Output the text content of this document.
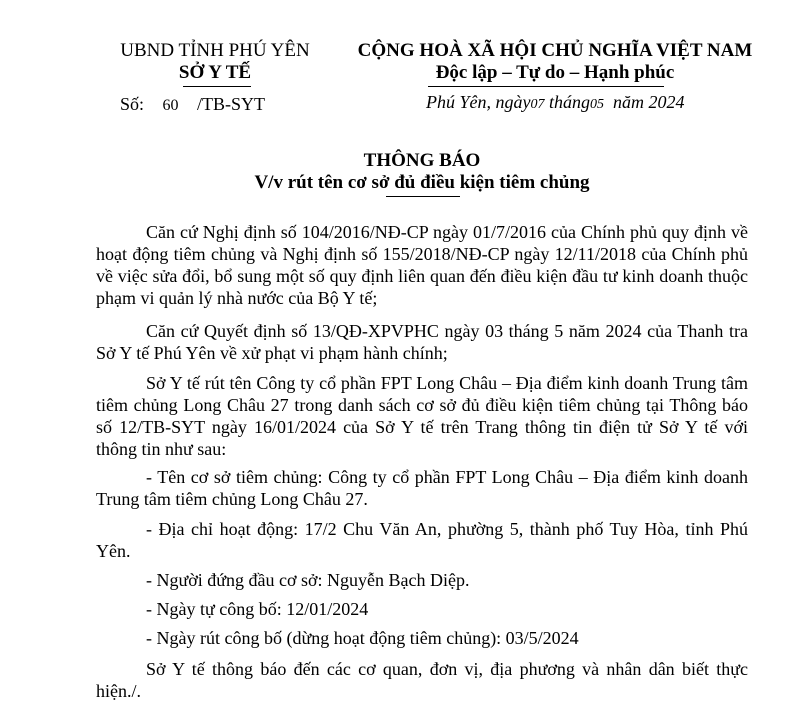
UBND TỈNH PHÚ YÊN
SỞ Y TẾ
Số: 60 /TB-SYT
CỘNG HOÀ XÃ HỘI CHỦ NGHĨA VIỆT NAM
Độc lập – Tự do – Hạnh phúc
Phú Yên, ngày07 tháng05 năm 2024
THÔNG BÁO
V/v rút tên cơ sở đủ điều kiện tiêm chủng
Căn cứ Nghị định số 104/2016/NĐ-CP ngày 01/7/2016 của Chính phủ quy định về hoạt động tiêm chủng và Nghị định số 155/2018/NĐ-CP ngày 12/11/2018 của Chính phủ về việc sửa đổi, bổ sung một số quy định liên quan đến điều kiện đầu tư kinh doanh thuộc phạm vi quản lý nhà nước của Bộ Y tế;
Căn cứ Quyết định số 13/QĐ-XPVPHC ngày 03 tháng 5 năm 2024 của Thanh tra Sở Y tế Phú Yên về xử phạt vi phạm hành chính;
Sở Y tế rút tên Công ty cổ phần FPT Long Châu – Địa điểm kinh doanh Trung tâm tiêm chủng Long Châu 27 trong danh sách cơ sở đủ điều kiện tiêm chủng tại Thông báo số 12/TB-SYT ngày 16/01/2024 của Sở Y tế trên Trang thông tin điện tử Sở Y tế với thông tin như sau:
- Tên cơ sở tiêm chủng: Công ty cổ phần FPT Long Châu – Địa điểm kinh doanh Trung tâm tiêm chủng Long Châu 27.
- Địa chỉ hoạt động: 17/2 Chu Văn An, phường 5, thành phố Tuy Hòa, tỉnh Phú Yên.
- Người đứng đầu cơ sở: Nguyễn Bạch Diệp.
- Ngày tự công bố: 12/01/2024
- Ngày rút công bố (dừng hoạt động tiêm chủng): 03/5/2024
Sở Y tế thông báo đến các cơ quan, đơn vị, địa phương và nhân dân biết thực hiện./.
